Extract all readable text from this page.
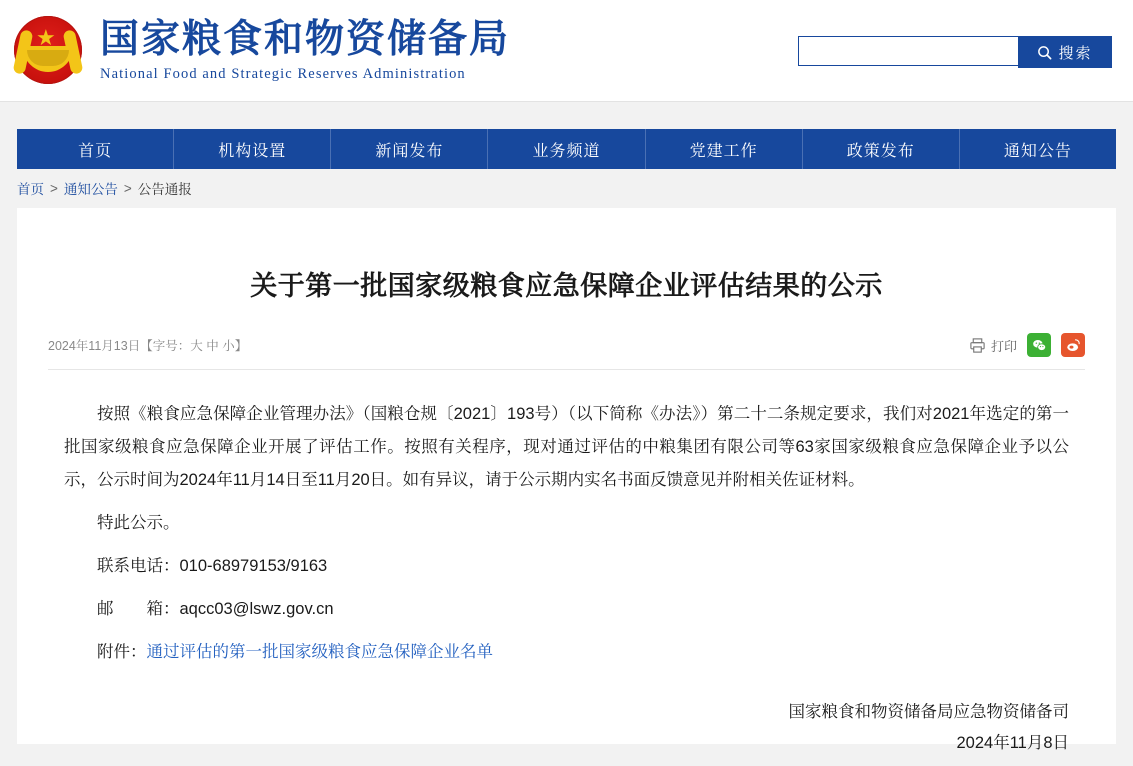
★ 国家粮食和物资储备局
National Food and Strategic Reserves Administration
搜索
首页	机构设置	新闻发布	业务频道	党建工作	政策发布	通知公告
首页 > 通知公告 > 公告通报
关于第一批国家级粮食应急保障企业评估结果的公示
2024年11月13日【字号：大 中 小】	打印

按照《粮食应急保障企业管理办法》（国粮仓规〔2021〕193号）（以下简称《办法》）第二十二条规定要求，我们对2021年选定的第一批国家级粮食应急保障企业开展了评估工作。按照有关程序，现对通过评估的中粮集团有限公司等63家国家级粮食应急保障企业予以公示，公示时间为2024年11月14日至11月20日。如有异议，请于公示期内实名书面反馈意见并附相关佐证材料。

特此公示。

联系电话：010-68979153/9163

邮　　箱：aqcc03@lswz.gov.cn

附件：通过评估的第一批国家级粮食应急保障企业名单

国家粮食和物资储备局应急物资储备司
2024年11月8日
